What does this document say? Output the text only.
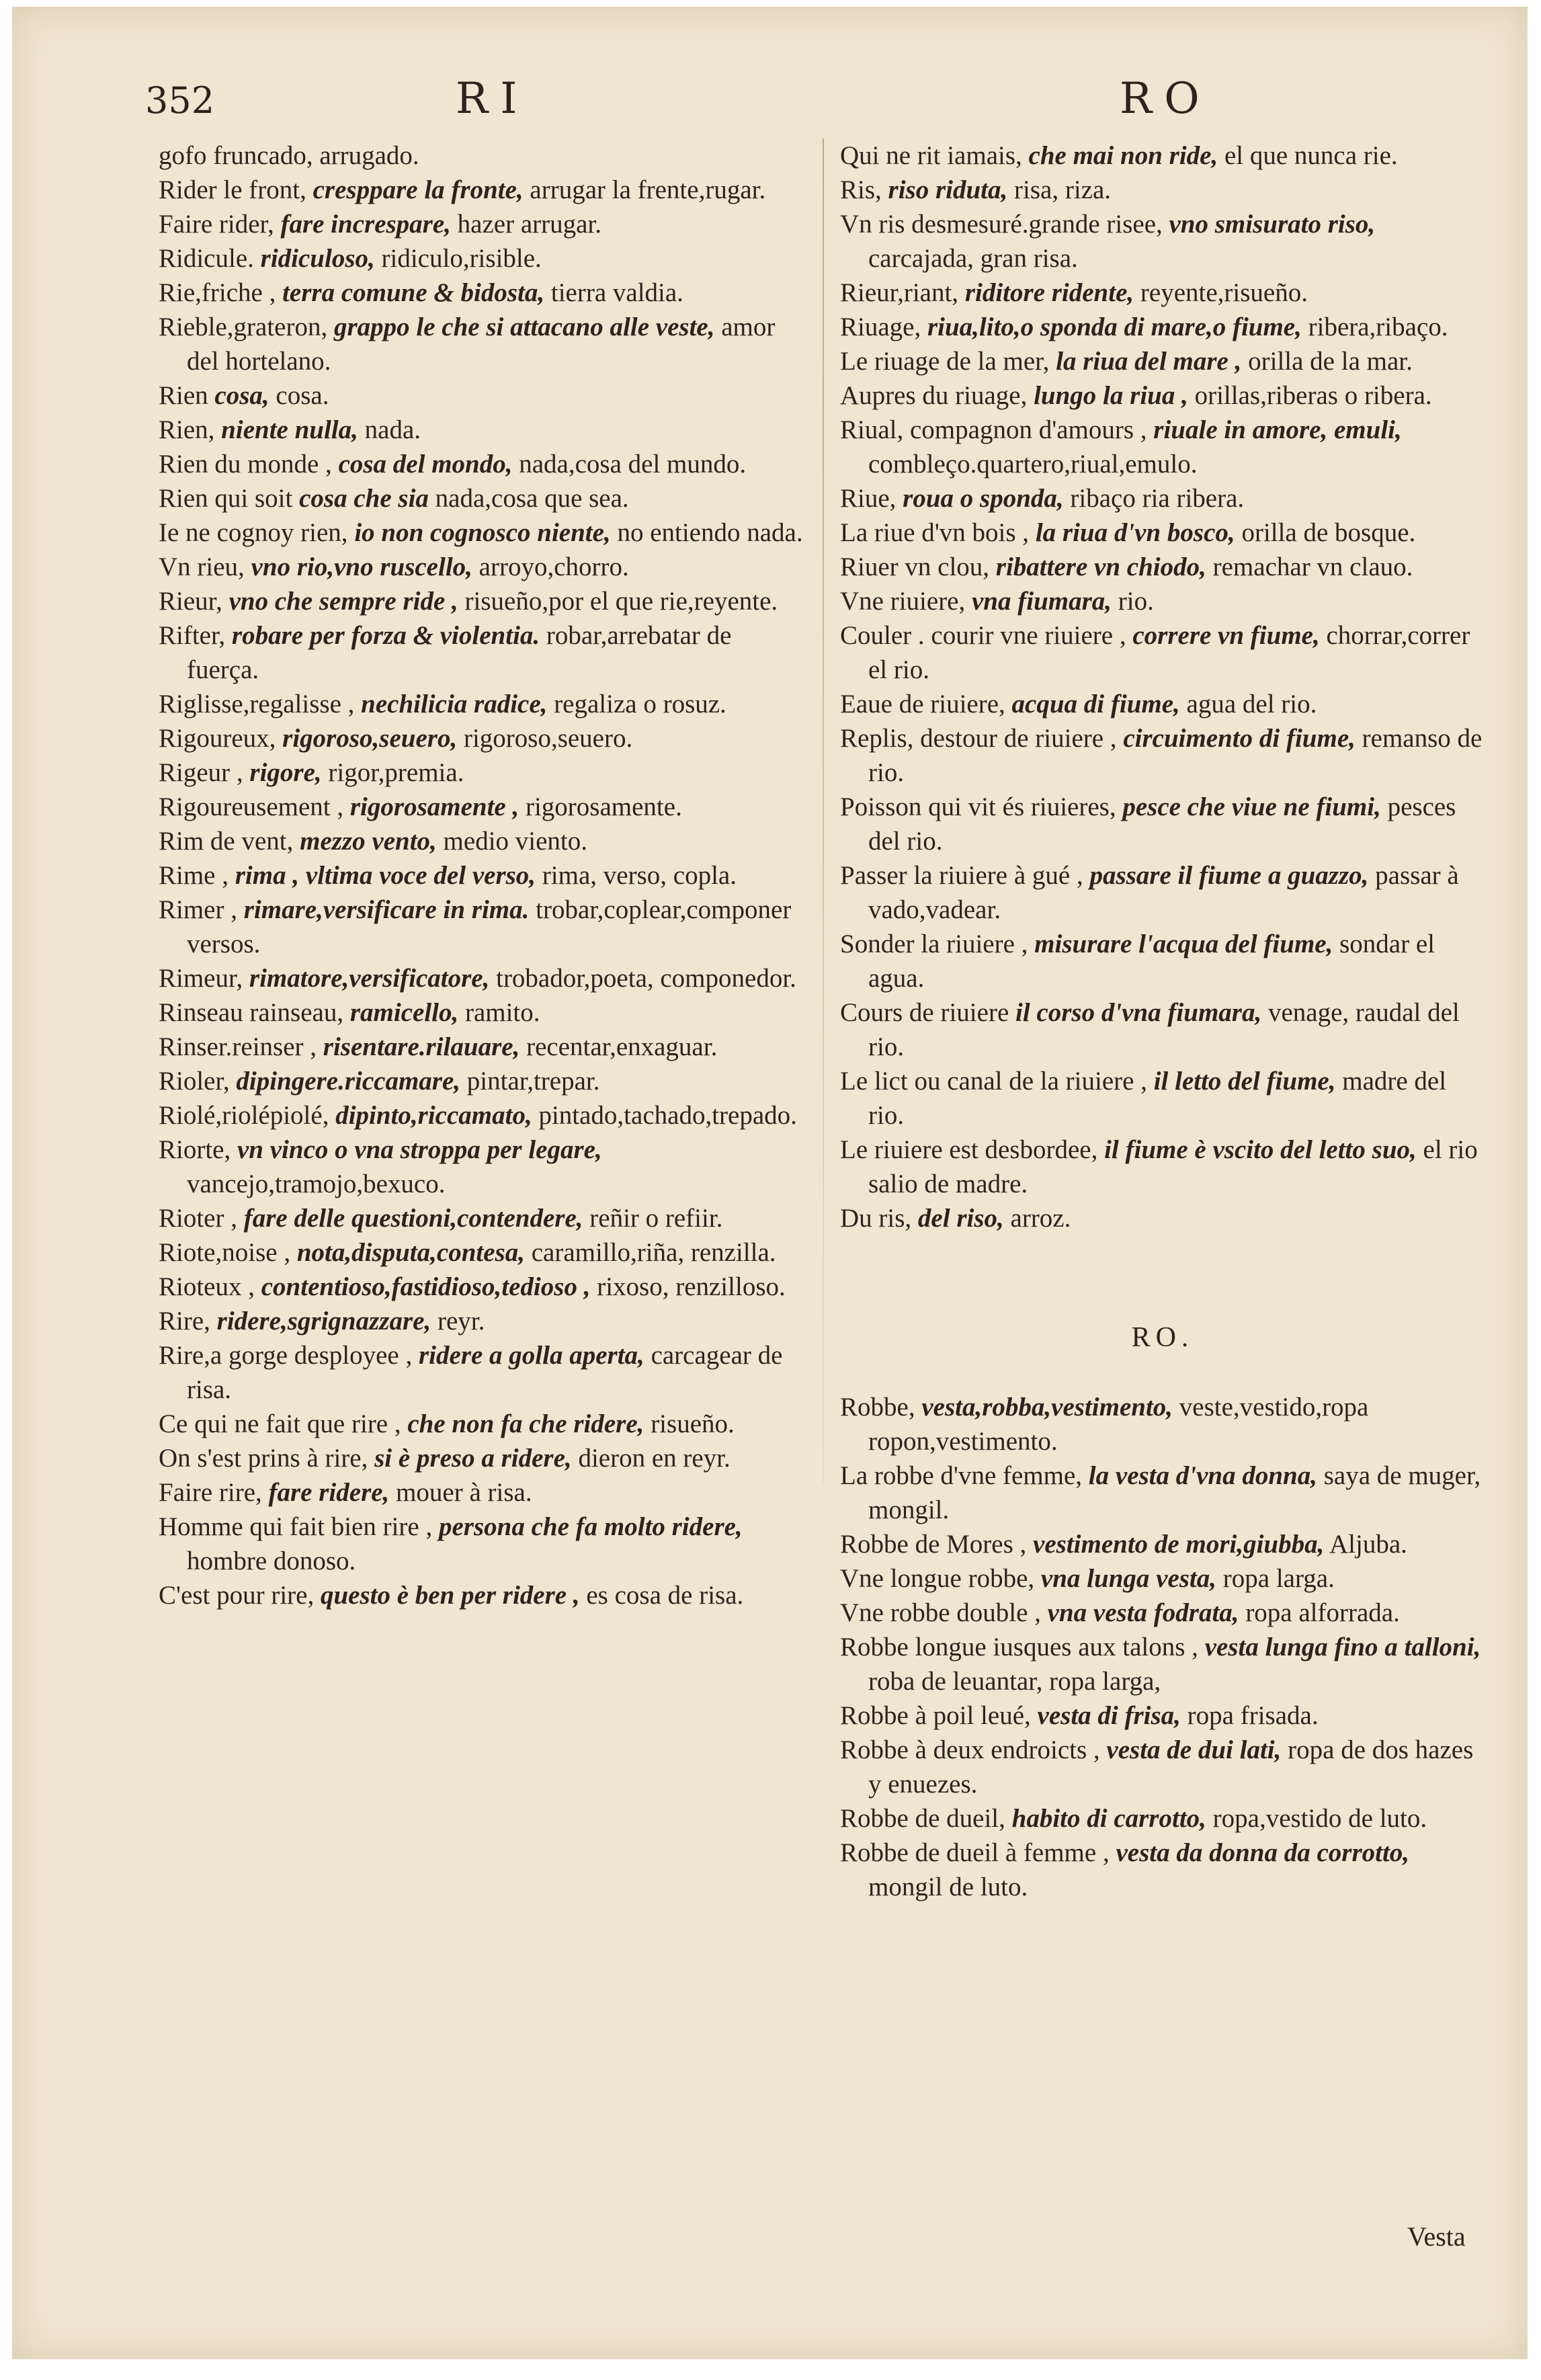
352	RI	RO
gofo fruncado, arrugado.
Rider le front, cresppare la fronte, arrugar la frente,rugar.
Faire rider, fare increspare, hazer arrugar.
Ridicule. ridiculoso, ridiculo,risible.
Rie,friche , terra comune & bidosta, tierra valdia.
Rieble,grateron, grappo le che si attacano alle veste, amor del hortelano.
Rien cosa, cosa.
Rien, niente nulla, nada.
Rien du monde , cosa del mondo, nada,cosa del mundo.
Rien qui soit cosa che sia nada,cosa que sea.
Ie ne cognoy rien, io non cognosco niente, no entiendo nada.
Vn rieu, vno rio,vno ruscello, arroyo,chorro.
Rieur, vno che sempre ride , risueño,por el que rie,reyente.
Rifter, robare per forza & violentia. robar,arrebatar de fuerça.
Riglisse,regalisse , nechilicia radice, regaliza o rosuz.
Rigoureux, rigoroso,seuero, rigoroso,seuero.
Rigeur , rigore, rigor,premia.
Rigoureusement , rigorosamente , rigorosamente.
Rim de vent, mezzo vento, medio viento.
Rime , rima , vltima voce del verso, rima, verso, copla.
Rimer , rimare,versificare in rima. trobar,coplear,componer versos.
Rimeur, rimatore,versificatore, trobador,poeta, componedor.
Rinseau rainseau, ramicello, ramito.
Rinser.reinser , risentare.rilauare, recentar,enxaguar.
Rioler, dipingere.riccamare, pintar,trepar.
Riolé,riolépiolé, dipinto,riccamato, pintado,tachado,trepado.
Riorte, vn vinco o vna stroppa per legare, vancejo,tramojo,bexuco.
Rioter , fare delle questioni,contendere, reñir o refiir.
Riote,noise , nota,disputa,contesa, caramillo,riña, renzilla.
Rioteux , contentioso,fastidioso,tedioso , rixoso, renzilloso.
Rire, ridere,sgrignazzare, reyr.
Rire,a gorge desployee , ridere a golla aperta, carcagear de risa.
Ce qui ne fait que rire , che non fa che ridere, risueño.
On s'est prins à rire, si è preso a ridere, dieron en reyr.
Faire rire, fare ridere, mouer à risa.
Homme qui fait bien rire , persona che fa molto ridere, hombre donoso.
C'est pour rire, questo è ben per ridere , es cosa de risa.
Qui ne rit iamais, che mai non ride, el que nunca rie.
Ris, riso riduta, risa, riza.
Vn ris desmesuré.grande risee, vno smisurato riso, carcajada, gran risa.
Rieur,riant, riditore ridente, reyente,risueño.
Riuage, riua,lito,o sponda di mare,o fiume, ribera,ribaço.
Le riuage de la mer, la riua del mare , orilla de la mar.
Aupres du riuage, lungo la riua , orillas,riberas o ribera.
Riual, compagnon d'amours , riuale in amore, emuli, combleço.quartero,riual,emulo.
Riue, roua o sponda, ribaço ria ribera.
La riue d'vn bois , la riua d'vn bosco, orilla de bosque.
Riuer vn clou, ribattere vn chiodo, remachar vn clauo.
Vne riuiere, vna fiumara, rio.
Couler . courir vne riuiere , correre vn fiume, chorrar,correr el rio.
Eaue de riuiere, acqua di fiume, agua del rio.
Replis, destour de riuiere , circuimento di fiume, remanso de rio.
Poisson qui vit és riuieres, pesce che viue ne fiumi, pesces del rio.
Passer la riuiere à gué , passare il fiume a guazzo, passar à vado,vadear.
Sonder la riuiere , misurare l'acqua del fiume, sondar el agua.
Cours de riuiere il corso d'vna fiumara, venage, raudal del rio.
Le lict ou canal de la riuiere , il letto del fiume, madre del rio.
Le riuiere est desbordee, il fiume è vscito del letto suo, el rio salio de madre.
Du ris, del riso, arroz.
RO.
Robbe, vesta,robba,vestimento, veste,vestido,ropa ropon,vestimento.
La robbe d'vne femme, la vesta d'vna donna, saya de muger, mongil.
Robbe de Mores , vestimento de mori,giubba, Aljuba.
Vne longue robbe, vna lunga vesta, ropa larga.
Vne robbe double , vna vesta fodrata, ropa alforrada.
Robbe longue iusques aux talons , vesta lunga fino a talloni, roba de leuantar, ropa larga,
Robbe à poil leué, vesta di frisa, ropa frisada.
Robbe à deux endroicts , vesta de dui lati, ropa de dos hazes y enuezes.
Robbe de dueil, habito di carrotto, ropa,vestido de luto.
Robbe de dueil à femme , vesta da donna da corrotto, mongil de luto.
Vesta
